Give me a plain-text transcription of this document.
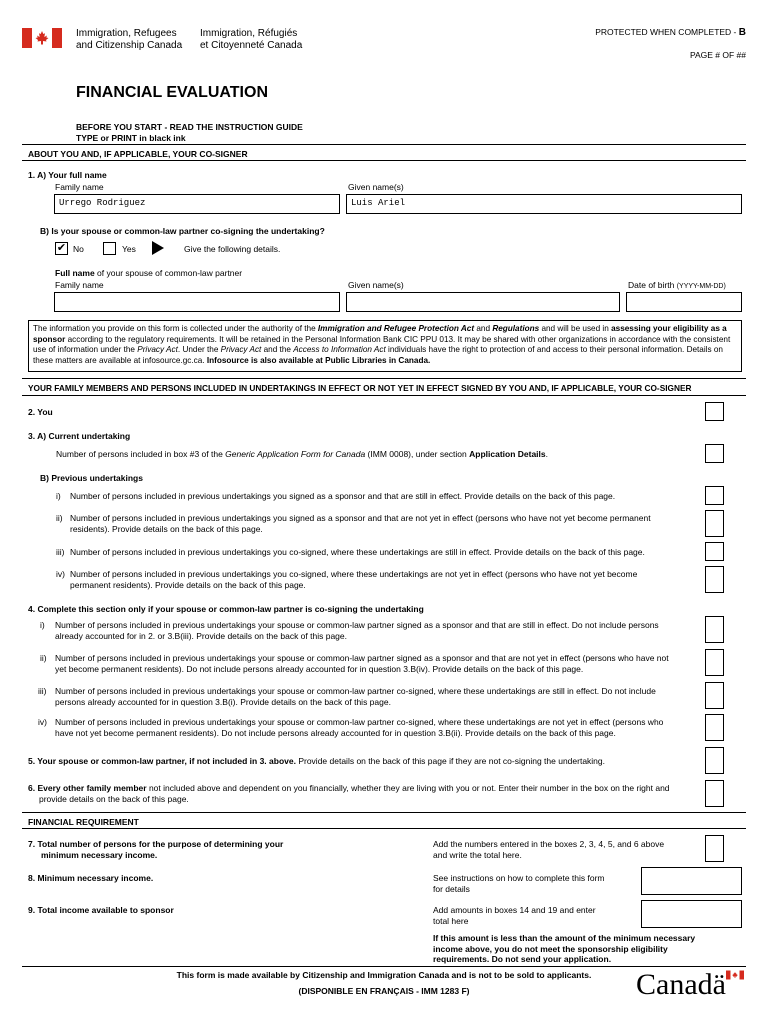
Immigration, Refugees
and Citizenship Canada
Immigration, Réfugiés
et Citoyenneté Canada
PROTECTED WHEN COMPLETED - B
PAGE # OF ##
FINANCIAL EVALUATION
BEFORE YOU START - READ THE INSTRUCTION GUIDE
TYPE or PRINT in black ink
ABOUT YOU AND, IF APPLICABLE, YOUR CO-SIGNER
1. A) Your full name
Family name	Given name(s)
Urrego Rodriguez	Luis Ariel
B) Is your spouse or common-law partner co-signing the undertaking?
✔ No	Yes	Give the following details.
Full name of your spouse of common-law partner
Family name	Given name(s)	Date of birth (YYYY-MM-DD)
The information you provide on this form is collected under the authority of the Immigration and Refugee Protection Act and Regulations and will be used in assessing your eligibility as a sponsor according to the regulatory requirements. It will be retained in the Personal Information Bank CIC PPU 013. It may be shared with other organizations in accordance with the consistent use of information under the Privacy Act. Under the Privacy Act and the Access to Information Act individuals have the right to protection of and access to their personal information. Details on these matters are available at infosource.gc.ca. Infosource is also available at Public Libraries in Canada.
YOUR FAMILY MEMBERS AND PERSONS INCLUDED IN UNDERTAKINGS IN EFFECT OR NOT YET IN EFFECT SIGNED BY YOU AND, IF APPLICABLE, YOUR CO-SIGNER
2. You
3. A) Current undertaking
Number of persons included in box #3 of the Generic Application Form for Canada (IMM 0008), under section Application Details.
B) Previous undertakings
i) Number of persons included in previous undertakings you signed as a sponsor and that are still in effect. Provide details on the back of this page.
ii) Number of persons included in previous undertakings you signed as a sponsor and that are not yet in effect (persons who have not yet become permanent
residents). Provide details on the back of this page.
iii) Number of persons included in previous undertakings you co-signed, where these undertakings are still in effect. Provide details on the back of this page.
iv) Number of persons included in previous undertakings you co-signed, where these undertakings are not yet in effect (persons who have not yet become
permanent residents). Provide details on the back of this page.
4. Complete this section only if your spouse or common-law partner is co-signing the undertaking
i) Number of persons included in previous undertakings your spouse or common-law partner signed as a sponsor and that are still in effect. Do not include persons
already accounted for in 2. or 3.B(iii). Provide details on the back of this page.
ii) Number of persons included in previous undertakings your spouse or common-law partner signed as a sponsor and that are not yet in effect (persons who have not
yet become permanent residents). Do not include persons already accounted for in question 3.B(iv). Provide details on the back of this page.
iii) Number of persons included in previous undertakings your spouse or common-law partner co-signed, where these undertakings are still in effect. Do not include
persons already accounted for in question 3.B(i). Provide details on the back of this page.
iv) Number of persons included in previous undertakings your spouse or common-law partner co-signed, where these undertakings are not yet in effect (persons who
have not yet become permanent residents). Do not include persons already accounted for in question 3.B(ii). Provide details on the back of this page.
5. Your spouse or common-law partner, if not included in 3. above. Provide details on the back of this page if they are not co-signing the undertaking.
6. Every other family member not included above and dependent on you financially, whether they are living with you or not. Enter their number in the box on the right and
provide details on the back of this page.
FINANCIAL REQUIREMENT
7. Total number of persons for the purpose of determining your
minimum necessary income.
Add the numbers entered in the boxes 2, 3, 4, 5, and 6 above
and write the total here.
8. Minimum necessary income.	See instructions on how to complete this form
for details
9. Total income available to sponsor	Add amounts in boxes 14 and 19 and enter
total here
If this amount is less than the amount of the minimum necessary
income above, you do not meet the sponsorship eligibility
requirements. Do not send your application.
This form is made available by Citizenship and Immigration Canada and is not to be sold to applicants.
(DISPONIBLE EN FRANÇAIS - IMM 1283 F)	Canadä
